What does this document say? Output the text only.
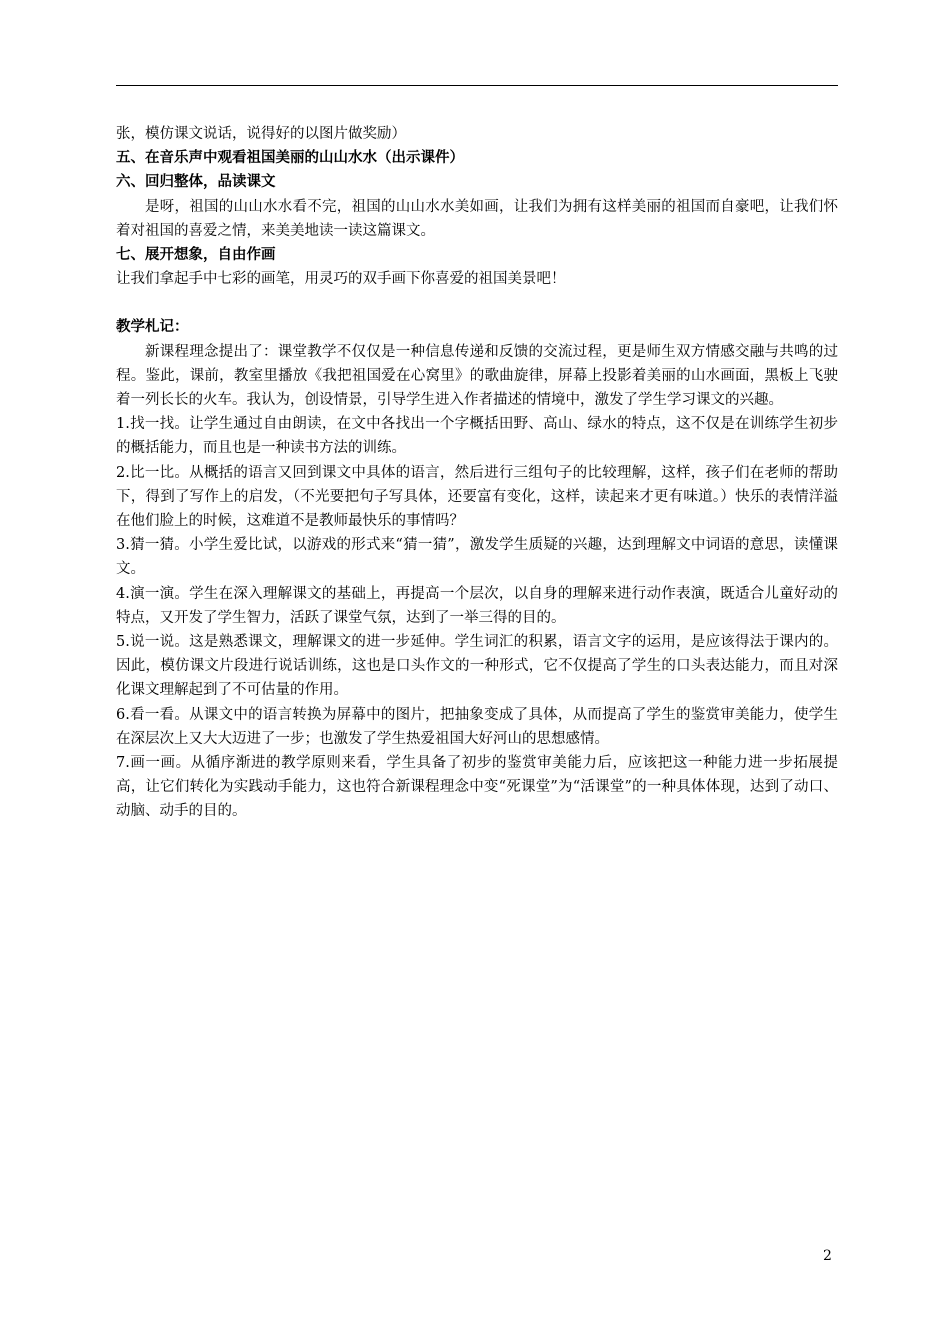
张，模仿课文说话，说得好的以图片做奖励）

五、在音乐声中观看祖国美丽的山山水水（出示课件）

六、回归整体，品读课文

是呀，祖国的山山水水看不完，祖国的山山水水美如画，让我们为拥有这样美丽的祖国而自豪吧，让我们怀着对祖国的喜爱之情，来美美地读一读这篇课文。

七、展开想象，自由作画

让我们拿起手中七彩的画笔，用灵巧的双手画下你喜爱的祖国美景吧！

教学札记：

新课程理念提出了：课堂教学不仅仅是一种信息传递和反馈的交流过程，更是师生双方情感交融与共鸣的过程。鉴此，课前，教室里播放《我把祖国爱在心窝里》的歌曲旋律，屏幕上投影着美丽的山水画面，黑板上飞驶着一列长长的火车。我认为，创设情景，引导学生进入作者描述的情境中，激发了学生学习课文的兴趣。

1.找一找。让学生通过自由朗读，在文中各找出一个字概括田野、高山、绿水的特点，这不仅是在训练学生初步的概括能力，而且也是一种读书方法的训练。

2.比一比。从概括的语言又回到课文中具体的语言，然后进行三组句子的比较理解，这样，孩子们在老师的帮助下，得到了写作上的启发，（不光要把句子写具体，还要富有变化，这样，读起来才更有味道。）快乐的表情洋溢在他们脸上的时候，这难道不是教师最快乐的事情吗？

3.猜一猜。小学生爱比试，以游戏的形式来“猜一猜”，激发学生质疑的兴趣，达到理解文中词语的意思，读懂课文。

4.演一演。学生在深入理解课文的基础上，再提高一个层次，以自身的理解来进行动作表演，既适合儿童好动的特点，又开发了学生智力，活跃了课堂气氛，达到了一举三得的目的。

5.说一说。这是熟悉课文，理解课文的进一步延伸。学生词汇的积累，语言文字的运用，是应该得法于课内的。因此，模仿课文片段进行说话训练，这也是口头作文的一种形式，它不仅提高了学生的口头表达能力，而且对深化课文理解起到了不可估量的作用。

6.看一看。从课文中的语言转换为屏幕中的图片，把抽象变成了具体，从而提高了学生的鉴赏审美能力，使学生在深层次上又大大迈进了一步；也激发了学生热爱祖国大好河山的思想感情。

7.画一画。从循序渐进的教学原则来看，学生具备了初步的鉴赏审美能力后，应该把这一种能力进一步拓展提高，让它们转化为实践动手能力，这也符合新课程理念中变“死课堂”为“活课堂”的一种具体体现，达到了动口、动脑、动手的目的。

2
